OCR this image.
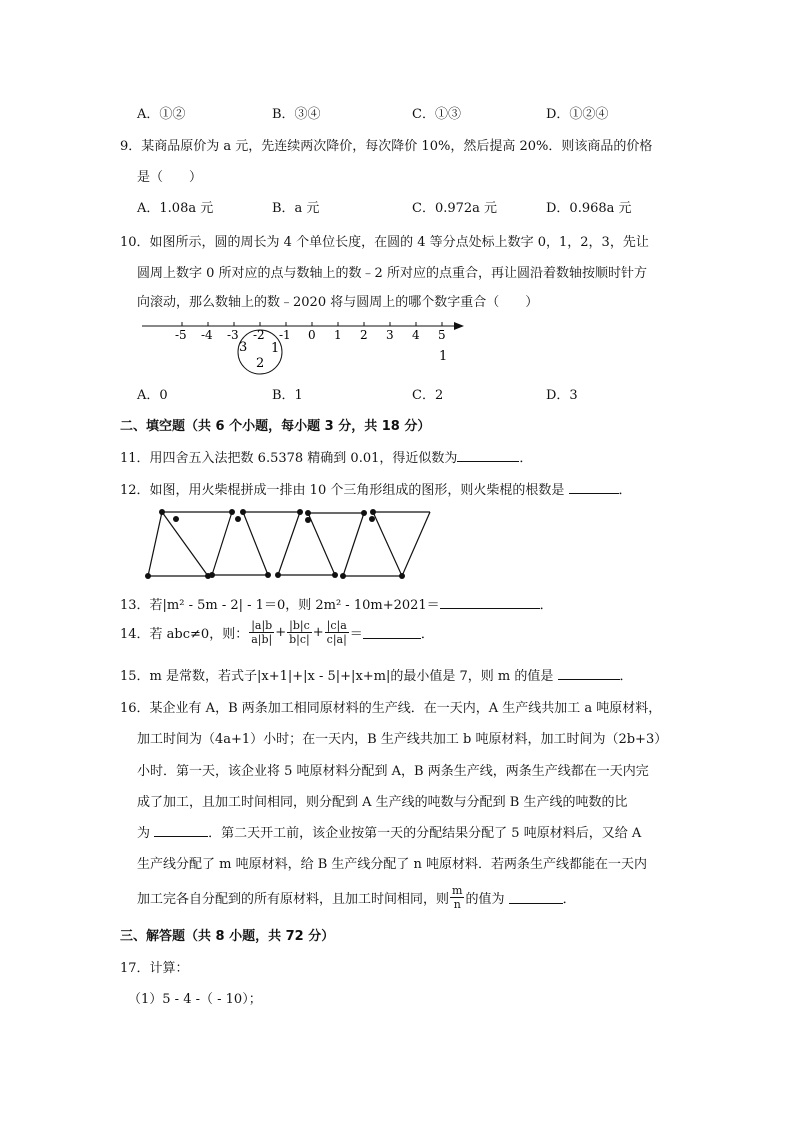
A．①②	B．③④	C．①③	D．①②④
9．某商品原价为 a 元，先连续两次降价，每次降价 10%，然后提高 20%．则该商品的价格
是（　　）
A．1.08a 元	B．a 元	C．0.972a 元	D．0.968a 元
10．如图所示，圆的周长为 4 个单位长度，在圆的 4 等分点处标上数字 0，1，2，3，先让
圆周上数字 0 所对应的点与数轴上的数﹣2 所对应的点重合，再让圆沿着数轴按顺时针方
向滚动，那么数轴上的数﹣2020 将与圆周上的哪个数字重合（　　）
-5 -4 -3 -2 -1 0 1 2 3 4 5
3 1
2	1
A．0	B．1	C．2	D．3
二、填空题（共 6 个小题，每小题 3 分，共 18 分）
11．用四舍五入法把数 6.5378 精确到 0.01，得近似数为	．
12．如图，用火柴棍拼成一排由 10 个三角形组成的图形，则火柴棍的根数是	．
13．若|m² - 5m - 2| - 1＝0，则 2m² - 10m+2021＝	．
14．若 abc≠0，则： $\frac{|a|b}{a|b|} + \frac{|b|c}{b|c|} + \frac{|c|a}{c|a|}$ ＝	．
15．m 是常数，若式子|x+1|+|x - 5|+|x+m|的最小值是 7，则 m 的值是	．
16．某企业有 A，B 两条加工相同原材料的生产线．在一天内，A 生产线共加工 a 吨原材料，
加工时间为（4a+1）小时；在一天内，B 生产线共加工 b 吨原材料，加工时间为（2b+3）
小时．第一天，该企业将 5 吨原材料分配到 A，B 两条生产线，两条生产线都在一天内完
成了加工，且加工时间相同，则分配到 A 生产线的吨数与分配到 B 生产线的吨数的比
为	．第二天开工前，该企业按第一天的分配结果分配了 5 吨原材料后，又给 A
生产线分配了 m 吨原材料，给 B 生产线分配了 n 吨原材料．若两条生产线都能在一天内
加工完各自分配到的所有原材料，且加工时间相同，则 $\frac{m}{n}$ 的值为	．
三、解答题（共 8 小题，共 72 分）
17．计算：
（1）5 - 4 -（ - 10）；
